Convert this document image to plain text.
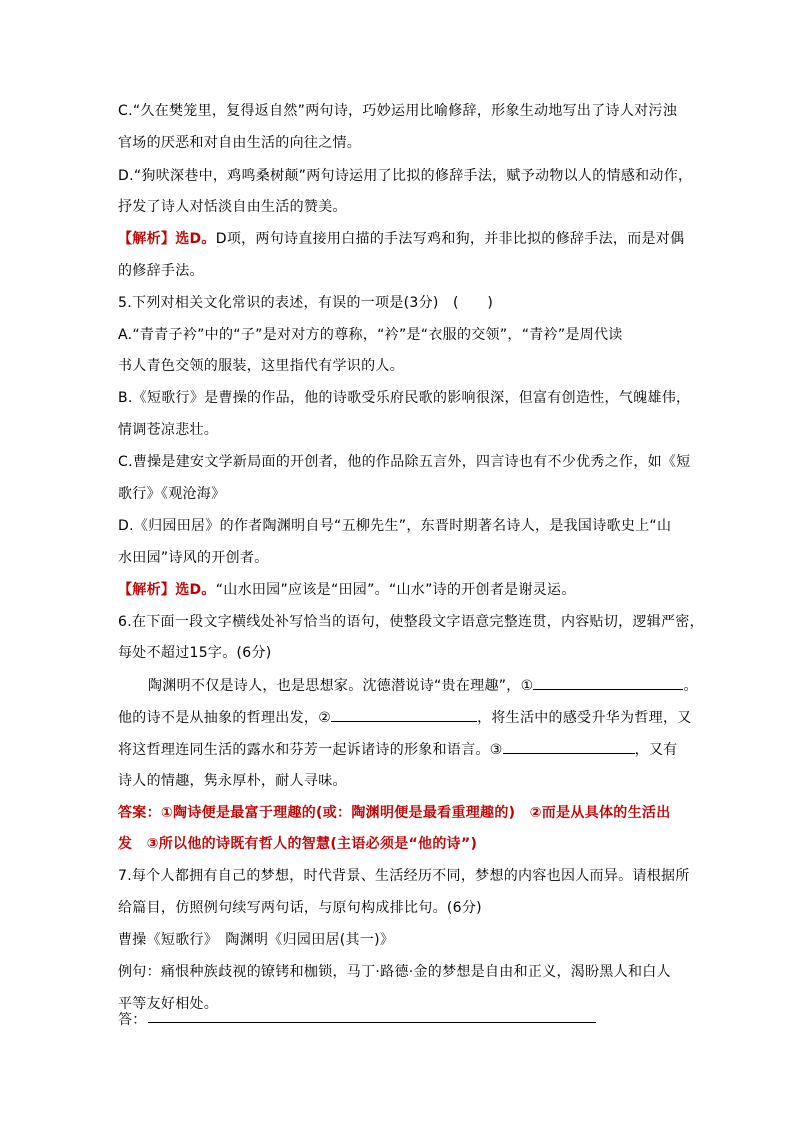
C.“久在樊笼里，复得返自然”两句诗，巧妙运用比喻修辞，形象生动地写出了诗人对污浊
官场的厌恶和对自由生活的向往之情。
D.“狗吠深巷中，鸡鸣桑树颠”两句诗运用了比拟的修辞手法，赋予动物以人的情感和动作，
抒发了诗人对恬淡自由生活的赞美。
【解析】选D。D项，两句诗直接用白描的手法写鸡和狗，并非比拟的修辞手法，而是对偶
的修辞手法。
5.下列对相关文化常识的表述，有误的一项是(3分)　(　　)
A.“青青子衿”中的“子”是对对方的尊称，“衿”是“衣服的交领”，“青衿”是周代读
书人青色交领的服装，这里指代有学识的人。
B.《短歌行》是曹操的作品，他的诗歌受乐府民歌的影响很深，但富有创造性，气魄雄伟，
情调苍凉悲壮。
C.曹操是建安文学新局面的开创者，他的作品除五言外，四言诗也有不少优秀之作，如《短
歌行》《观沧海》
D.《归园田居》的作者陶渊明自号“五柳先生”，东晋时期著名诗人，是我国诗歌史上“山
水田园”诗风的开创者。
【解析】选D。“山水田园”应该是“田园”。“山水”诗的开创者是谢灵运。
6.在下面一段文字横线处补写恰当的语句，使整段文字语意完整连贯，内容贴切，逻辑严密，
每处不超过15字。(6分)
陶渊明不仅是诗人，也是思想家。沈德潜说诗“贵在理趣”，①	。
他的诗不是从抽象的哲理出发，②	，将生活中的感受升华为哲理，又
将这哲理连同生活的露水和芬芳一起诉诸诗的形象和语言。③	，又有
诗人的情趣，隽永厚朴，耐人寻味。
答案：①陶诗便是最富于理趣的(或：陶渊明便是最看重理趣的)　②而是从具体的生活出
发　③所以他的诗既有哲人的智慧(主语必须是“他的诗”)
7.每个人都拥有自己的梦想，时代背景、生活经历不同，梦想的内容也因人而异。请根据所
给篇目，仿照例句续写两句话，与原句构成排比句。(6分)
曹操《短歌行》　陶渊明《归园田居(其一)》
例句：痛恨种族歧视的镣铐和枷锁，马丁·路德·金的梦想是自由和正义，渴盼黑人和白人
平等友好相处。
答：
